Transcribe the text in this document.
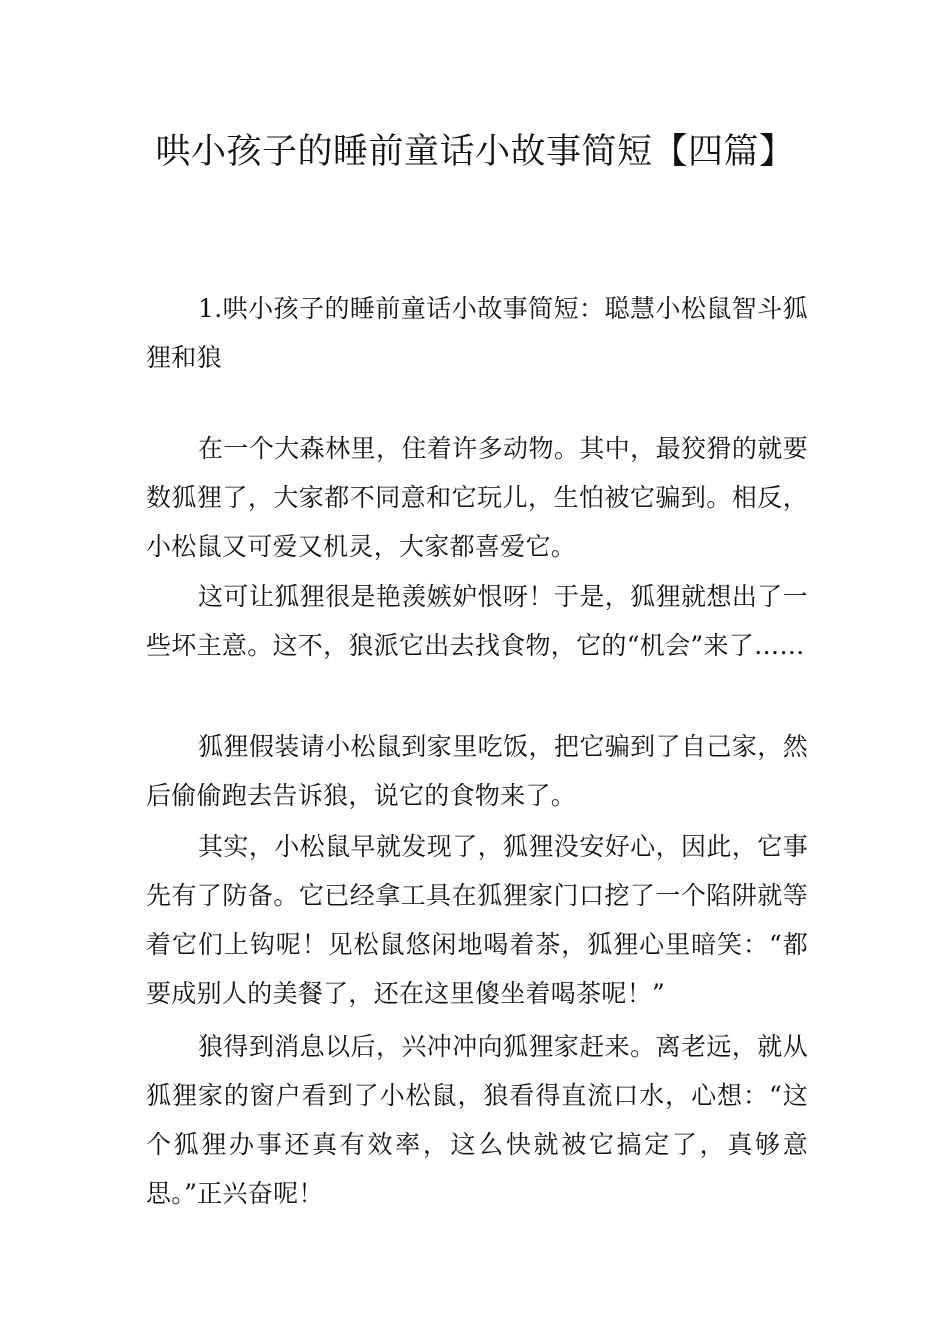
哄小孩子的睡前童话小故事简短【四篇】

1.哄小孩子的睡前童话小故事简短：聪慧小松鼠智斗狐狸和狼

在一个大森林里，住着许多动物。其中，最狡猾的就要数狐狸了，大家都不同意和它玩儿，生怕被它骗到。相反，小松鼠又可爱又机灵，大家都喜爱它。

这可让狐狸很是艳羡嫉妒恨呀！于是，狐狸就想出了一些坏主意。这不，狼派它出去找食物，它的“机会”来了……

狐狸假装请小松鼠到家里吃饭，把它骗到了自己家，然后偷偷跑去告诉狼，说它的食物来了。

其实，小松鼠早就发现了，狐狸没安好心，因此，它事先有了防备。它已经拿工具在狐狸家门口挖了一个陷阱就等着它们上钩呢！见松鼠悠闲地喝着茶，狐狸心里暗笑：“都要成别人的美餐了，还在这里傻坐着喝茶呢！”

狼得到消息以后，兴冲冲向狐狸家赶来。离老远，就从狐狸家的窗户看到了小松鼠，狼看得直流口水，心想：“这个狐狸办事还真有效率，这么快就被它搞定了，真够意思。”正兴奋呢！
